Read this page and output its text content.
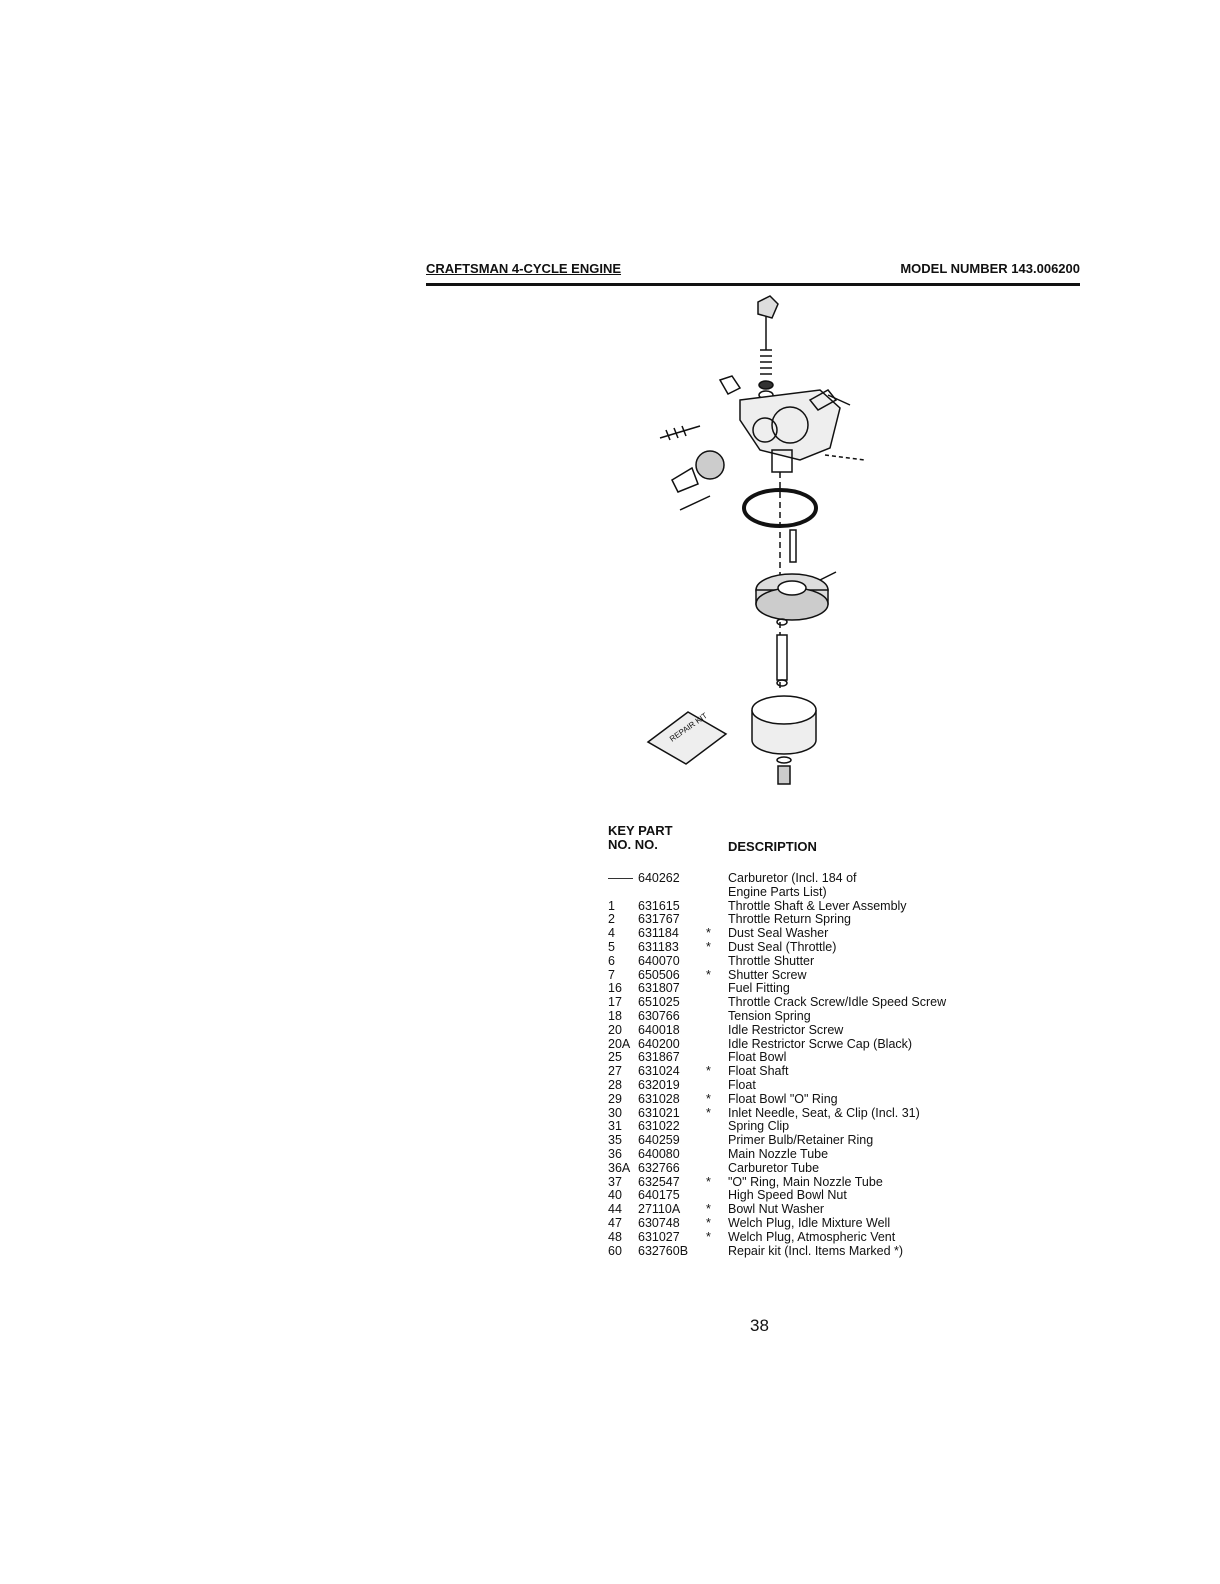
CRAFTSMAN 4-CYCLE ENGINE	MODEL NUMBER 143.006200
REPAIR KIT
KEY PART
NO. NO.	DESCRIPTION
—— 640262	Carburetor (Incl. 184 of
Engine Parts List)
1	631615	Throttle Shaft & Lever Assembly
2	631767	Throttle Return Spring
4	631184	*	Dust Seal Washer
5	631183	*	Dust Seal (Throttle)
6	640070	Throttle Shutter
7	650506	*	Shutter Screw
16	631807	Fuel Fitting
17	651025	Throttle Crack Screw/Idle Speed Screw
18	630766	Tension Spring
20	640018	Idle Restrictor Screw
20A 640200	Idle Restrictor Scrwe Cap (Black)
25	631867	Float Bowl
27	631024	*	Float Shaft
28	632019	Float
29	631028	*	Float Bowl "O" Ring
30	631021	*	Inlet Needle, Seat, & Clip (Incl. 31)
31	631022	Spring Clip
35	640259	Primer Bulb/Retainer Ring
36	640080	Main Nozzle Tube
36A 632766	Carburetor Tube
37	632547	*	"O" Ring, Main Nozzle Tube
40	640175	High Speed Bowl Nut
44	27110A	*	Bowl Nut Washer
47	630748	*	Welch Plug, Idle Mixture Well
48	631027	*	Welch Plug, Atmospheric Vent
60	632760B	Repair kit (Incl. Items Marked *)
38
